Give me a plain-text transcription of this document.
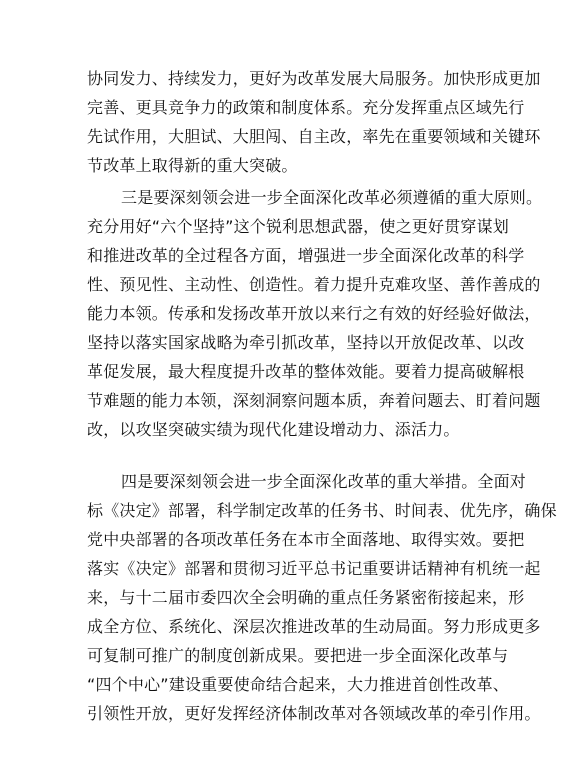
协同发力、持续发力，更好为改革发展大局服务。加快形成更加
完善、更具竞争力的政策和制度体系。充分发挥重点区域先行
先试作用，大胆试、大胆闯、自主改，率先在重要领域和关键环
节改革上取得新的重大突破。
三是要深刻领会进一步全面深化改革必须遵循的重大原则。
充分用好“六个坚持”这个锐利思想武器，使之更好贯穿谋划
和推进改革的全过程各方面，增强进一步全面深化改革的科学
性、预见性、主动性、创造性。着力提升克难攻坚、善作善成的
能力本领。传承和发扬改革开放以来行之有效的好经验好做法，
坚持以落实国家战略为牵引抓改革，坚持以开放促改革、以改
革促发展，最大程度提升改革的整体效能。要着力提高破解根
节难题的能力本领，深刻洞察问题本质，奔着问题去、盯着问题
改，以攻坚突破实绩为现代化建设增动力、添活力。
四是要深刻领会进一步全面深化改革的重大举措。全面对
标《决定》部署，科学制定改革的任务书、时间表、优先序，确保
党中央部署的各项改革任务在本市全面落地、取得实效。要把
落实《决定》部署和贯彻习近平总书记重要讲话精神有机统一起
来，与十二届市委四次全会明确的重点任务紧密衔接起来，形
成全方位、系统化、深层次推进改革的生动局面。努力形成更多
可复制可推广的制度创新成果。要把进一步全面深化改革与
“四个中心”建设重要使命结合起来，大力推进首创性改革、
引领性开放，更好发挥经济体制改革对各领域改革的牵引作用。
